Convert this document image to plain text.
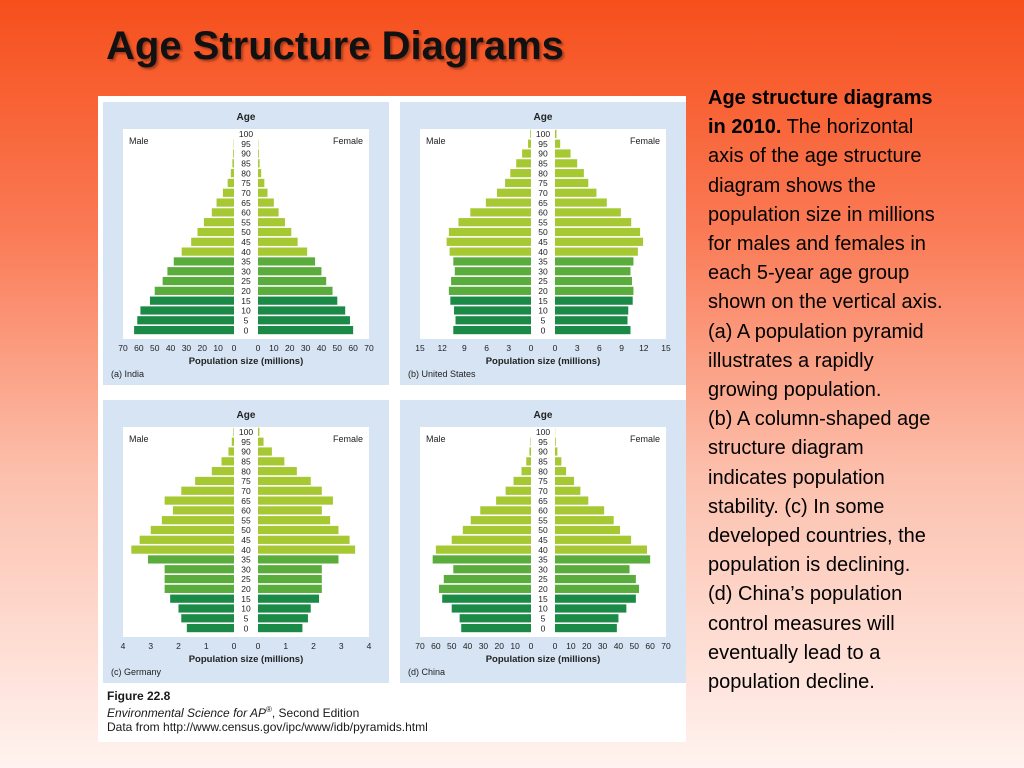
Age Structure Diagrams
Age
Male	Female
0
5
10
15
20
25
30
35
40
45
50
55
60
65
70
75
80
85
90
95
100
70 60 50 40 30 20 10 0 0 10 20 30 40 50 60 70
Population size (millions)
(a) India
Age
Male	Female
0
5
10
15
20
25
30
35
40
45
50
55
60
65
70
75
80
85
90
95
100
15 12 9 6 3 0 0 3 6 9 12 15
Population size (millions)
(b) United States
Age
Male	Female
0
5
10
15
20
25
30
35
40
45
50
55
60
65
70
75
80
85
90
95
100
4	3	2	1	0 0	1	2	3	4
Population size (millions)
(c) Germany
Age
Male	Female
0
5
10
15
20
25
30
35
40
45
50
55
60
65
70
75
80
85
90
95
100
70 60 50 40 30 20 10 0 0 10 20 30 40 50 60 70
Population size (millions)
(d) China
Figure 22.8
Environmental Science for AP®, Second Edition
Data from http://www.census.gov/ipc/www/idb/pyramids.html
Age structure diagrams
in 2010. The horizontal
axis of the age structure
diagram shows the
population size in millions
for males and females in
each 5-year age group
shown on the vertical axis.
(a) A population pyramid
illustrates a rapidly
growing population.
(b) A column-shaped age
structure diagram
indicates population
stability. (c) In some
developed countries, the
population is declining.
(d) China’s population
control measures will
eventually lead to a
population decline.
